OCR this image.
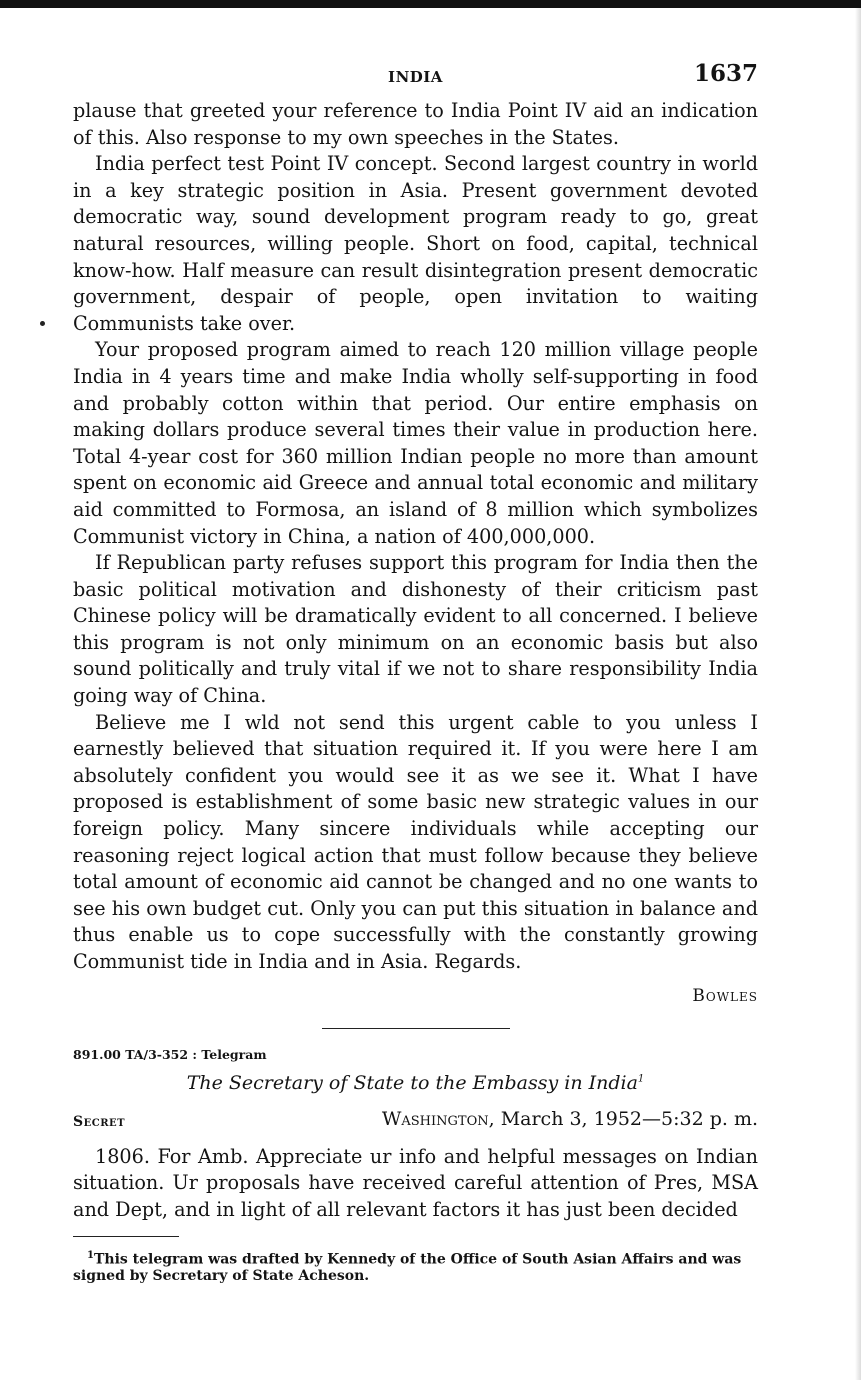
INDIA	1637

plause that greeted your reference to India Point IV aid an indication of this. Also response to my own speeches in the States.

India perfect test Point IV concept. Second largest country in world in a key strategic position in Asia. Present government devoted democratic way, sound development program ready to go, great natural resources, willing people. Short on food, capital, technical know-how. Half measure can result disintegration present democratic government, despair of people, open invitation to waiting Communists take over.

Your proposed program aimed to reach 120 million village people India in 4 years time and make India wholly self-supporting in food and probably cotton within that period. Our entire emphasis on making dollars produce several times their value in production here. Total 4-year cost for 360 million Indian people no more than amount spent on economic aid Greece and annual total economic and military aid committed to Formosa, an island of 8 million which symbolizes Communist victory in China, a nation of 400,000,000.

If Republican party refuses support this program for India then the basic political motivation and dishonesty of their criticism past Chinese policy will be dramatically evident to all concerned. I believe this program is not only minimum on an economic basis but also sound politically and truly vital if we not to share responsibility India going way of China.

Believe me I wld not send this urgent cable to you unless I earnestly believed that situation required it. If you were here I am absolutely confident you would see it as we see it. What I have proposed is establishment of some basic new strategic values in our foreign policy. Many sincere individuals while accepting our reasoning reject logical action that must follow because they believe total amount of economic aid cannot be changed and no one wants to see his own budget cut. Only you can put this situation in balance and thus enable us to cope successfully with the constantly growing Communist tide in India and in Asia. Regards.

Bowles
891.00 TA/3-352 : Telegram
The Secretary of State to the Embassy in India$^1$
Secret	Washington, March 3, 1952—5:32 p. m.

1806. For Amb. Appreciate ur info and helpful messages on Indian situation. Ur proposals have received careful attention of Pres, MSA and Dept, and in light of all relevant factors it has just been decided

$^1$This telegram was drafted by Kennedy of the Office of South Asian Affairs and was signed by Secretary of State Acheson.
